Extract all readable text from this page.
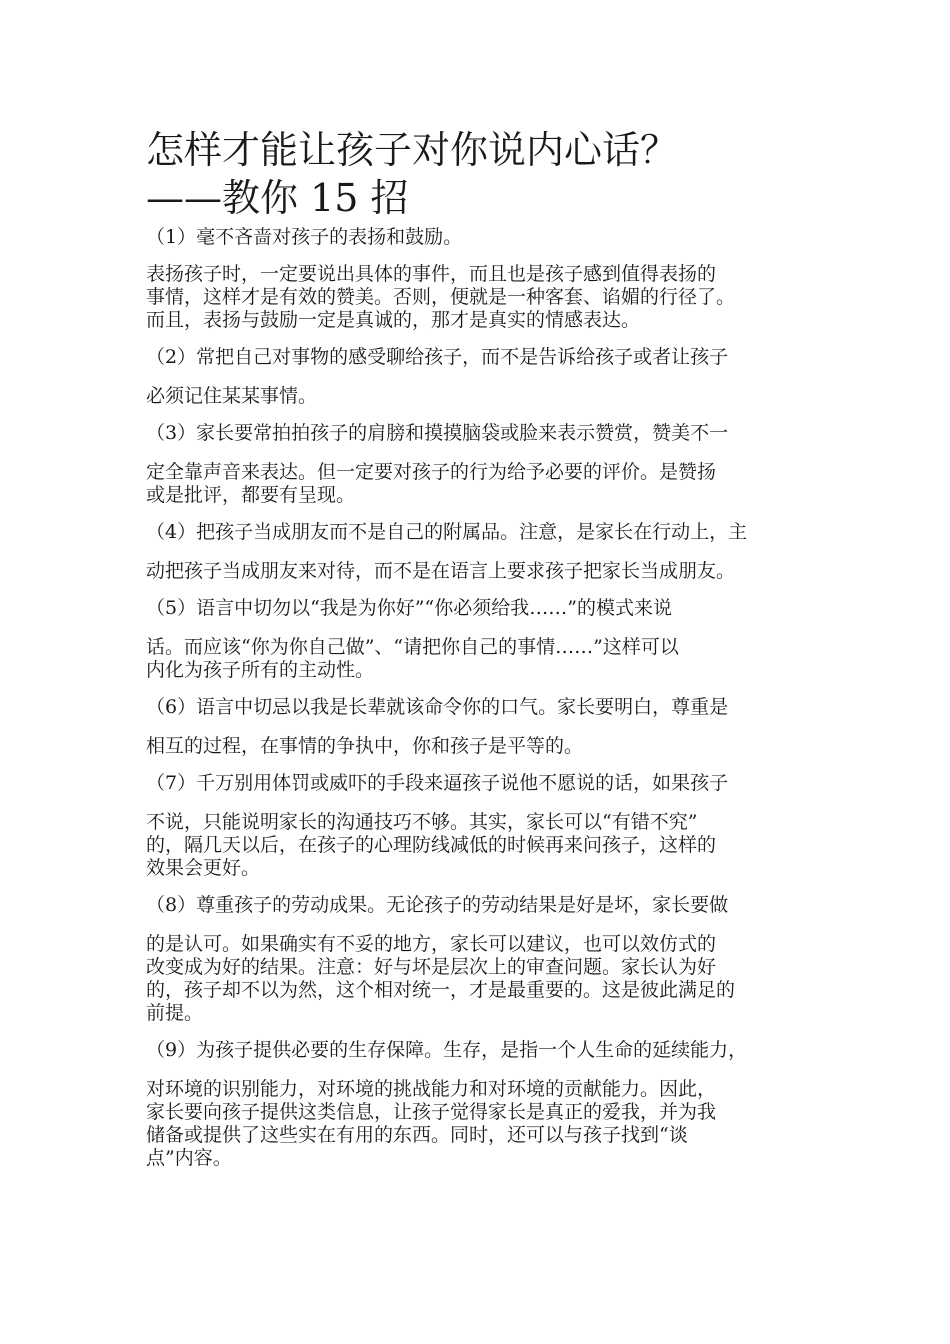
怎样才能让孩子对你说内心话？
——教你 15 招
（1）毫不吝啬对孩子的表扬和鼓励。
表扬孩子时，一定要说出具体的事件，而且也是孩子感到值得表扬的
事情，这样才是有效的赞美。否则，便就是一种客套、谄媚的行径了。
而且，表扬与鼓励一定是真诚的，那才是真实的情感表达。
（2）常把自己对事物的感受聊给孩子，而不是告诉给孩子或者让孩子
必须记住某某事情。
（3）家长要常拍拍孩子的肩膀和摸摸脑袋或脸来表示赞赏，赞美不一
定全靠声音来表达。但一定要对孩子的行为给予必要的评价。是赞扬
或是批评，都要有呈现。
（4）把孩子当成朋友而不是自己的附属品。注意，是家长在行动上，主
动把孩子当成朋友来对待，而不是在语言上要求孩子把家长当成朋友。
（5）语言中切勿以“我是为你好”“你必须给我……”的模式来说
话。而应该“你为你自己做”、“请把你自己的事情……”这样可以
内化为孩子所有的主动性。
（6）语言中切忌以我是长辈就该命令你的口气。家长要明白，尊重是
相互的过程，在事情的争执中，你和孩子是平等的。
（7）千万别用体罚或威吓的手段来逼孩子说他不愿说的话，如果孩子
不说，只能说明家长的沟通技巧不够。其实，家长可以“有错不究”
的，隔几天以后，在孩子的心理防线减低的时候再来问孩子，这样的
效果会更好。
（8）尊重孩子的劳动成果。无论孩子的劳动结果是好是坏，家长要做
的是认可。如果确实有不妥的地方，家长可以建议，也可以效仿式的
改变成为好的结果。注意：好与坏是层次上的审查问题。家长认为好
的，孩子却不以为然，这个相对统一，才是最重要的。这是彼此满足的
前提。
（9）为孩子提供必要的生存保障。生存，是指一个人生命的延续能力，
对环境的识别能力，对环境的挑战能力和对环境的贡献能力。因此，
家长要向孩子提供这类信息，让孩子觉得家长是真正的爱我，并为我
储备或提供了这些实在有用的东西。同时，还可以与孩子找到“谈
点”内容。
